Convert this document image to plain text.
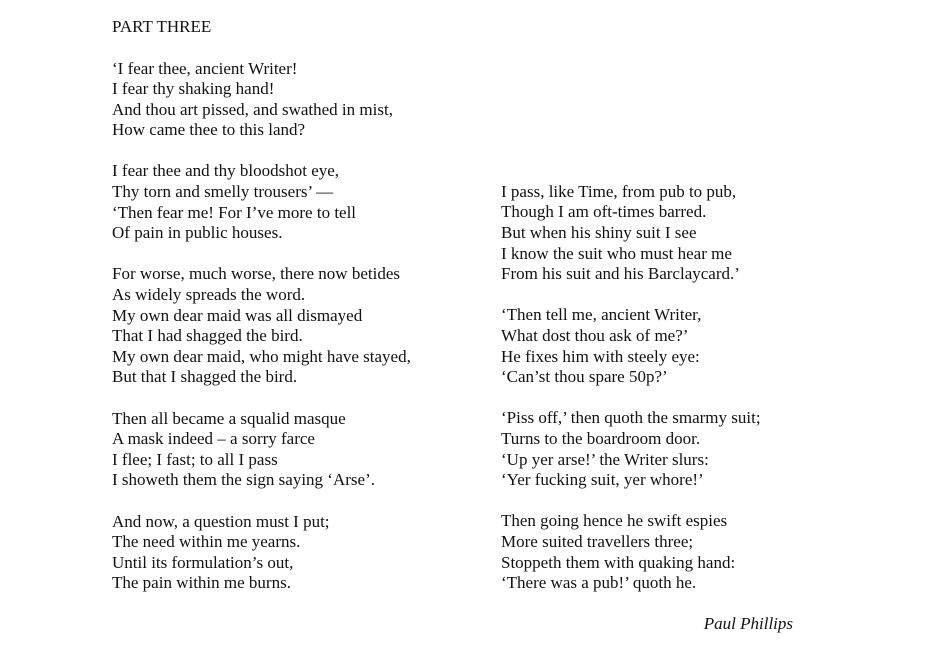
PART THREE
‘I fear thee, ancient Writer!
I fear thy shaking hand!
And thou art pissed, and swathed in mist,
How came thee to this land?
I fear thee and thy bloodshot eye,
Thy torn and smelly trousers’ ––
‘Then fear me! For I’ve more to tell
Of pain in public houses.
For worse, much worse, there now betides
As widely spreads the word.
My own dear maid was all dismayed
That I had shagged the bird.
My own dear maid, who might have stayed,
But that I shagged the bird.
Then all became a squalid masque
A mask indeed – a sorry farce
I flee; I fast; to all I pass
I showeth them the sign saying ‘Arse’.
And now, a question must I put;
The need within me yearns.
Until its formulation’s out,
The pain within me burns.
I pass, like Time, from pub to pub,
Though I am oft-times barred.
But when his shiny suit I see
I know the suit who must hear me
From his suit and his Barclaycard.’
‘Then tell me, ancient Writer,
What dost thou ask of me?’
He fixes him with steely eye:
‘Can’st thou spare 50p?’
‘Piss off,’ then quoth the smarmy suit;
Turns to the boardroom door.
‘Up yer arse!’ the Writer slurs:
‘Yer fucking suit, yer whore!’
Then going hence he swift espies
More suited travellers three;
Stoppeth them with quaking hand:
‘There was a pub!’ quoth he.
Paul Phillips
